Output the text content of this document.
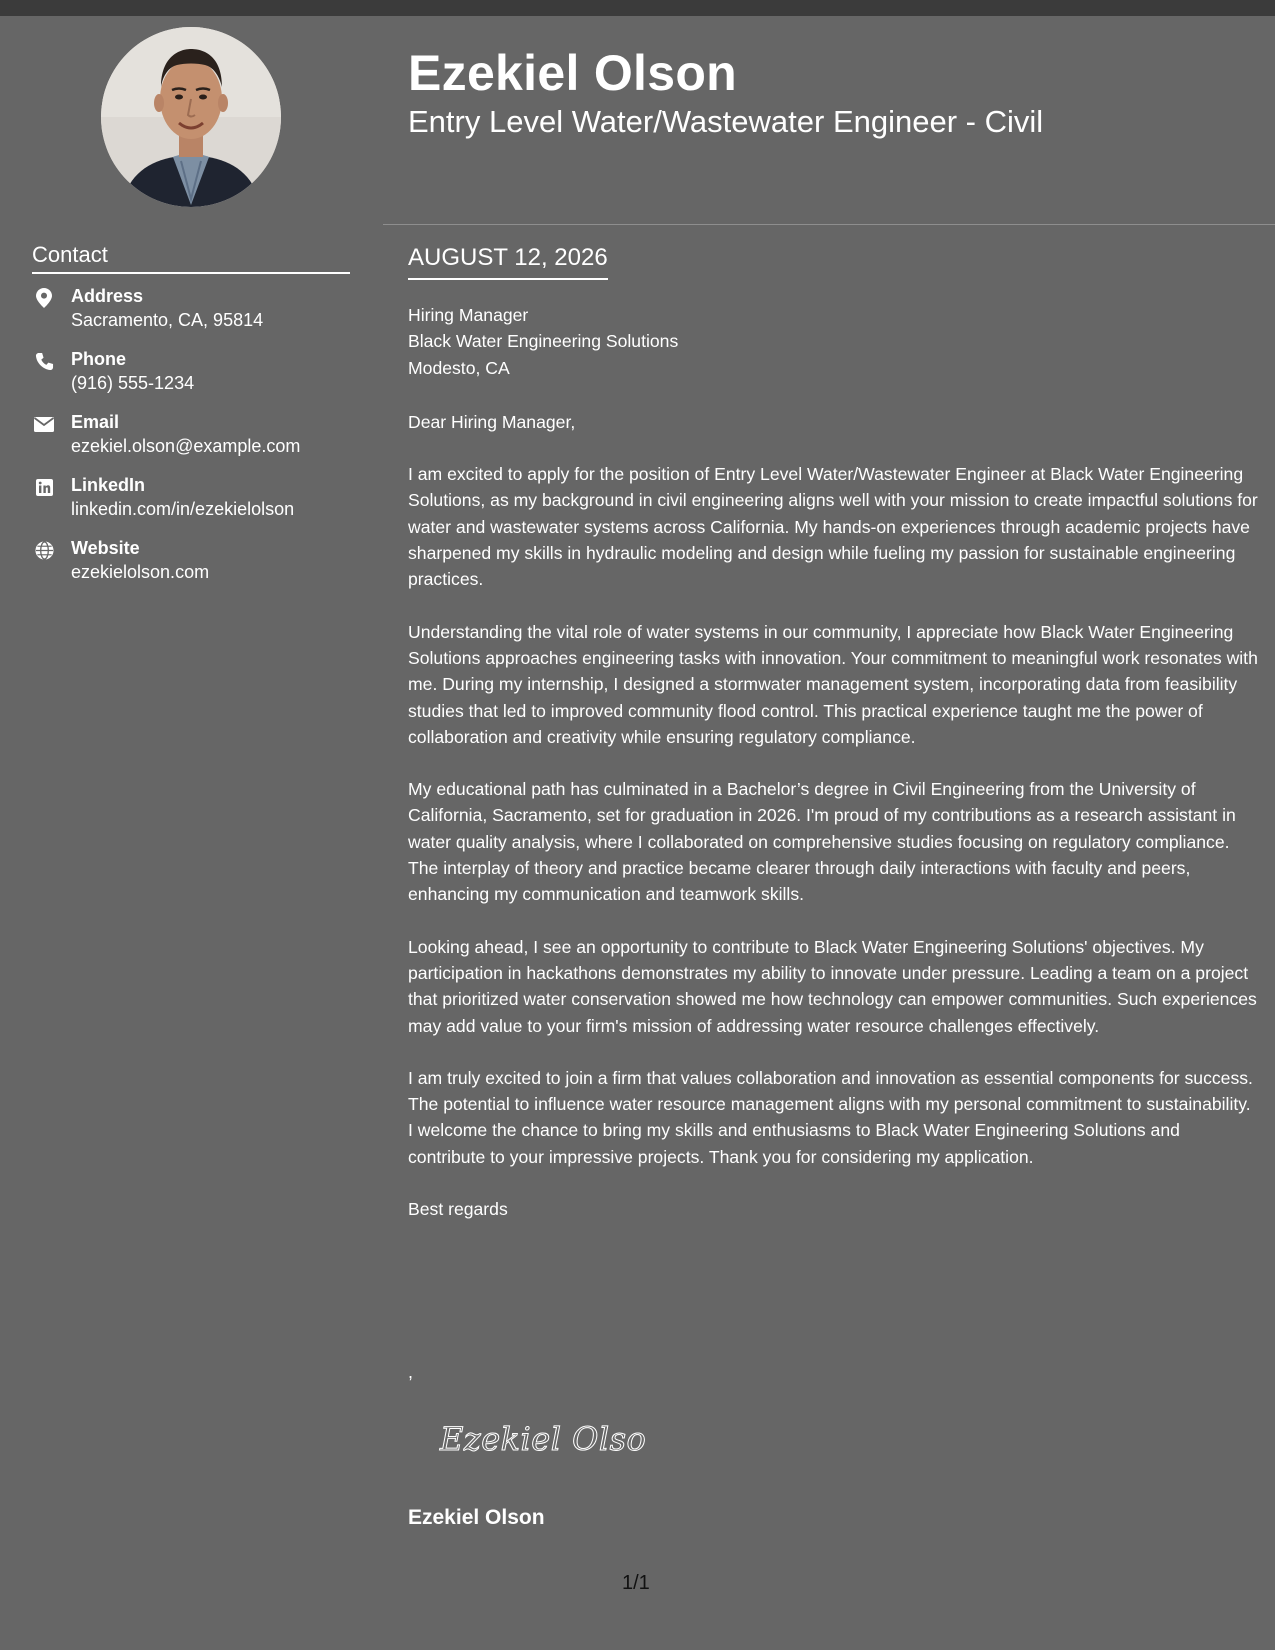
Ezekiel Olson
Entry Level Water/Wastewater Engineer - Civil
Contact
Address
Sacramento, CA, 95814
Phone
(916) 555-1234
Email
ezekiel.olson@example.com
LinkedIn
linkedin.com/in/ezekielolson
Website
ezekielolson.com
AUGUST 12, 2026
Hiring Manager
Black Water Engineering Solutions
Modesto, CA

Dear Hiring Manager,

I am excited to apply for the position of Entry Level Water/Wastewater Engineer at Black Water Engineering Solutions, as my background in civil engineering aligns well with your mission to create impactful solutions for water and wastewater systems across California. My hands-on experiences through academic projects have sharpened my skills in hydraulic modeling and design while fueling my passion for sustainable engineering practices.

Understanding the vital role of water systems in our community, I appreciate how Black Water Engineering Solutions approaches engineering tasks with innovation. Your commitment to meaningful work resonates with me. During my internship, I designed a stormwater management system, incorporating data from feasibility studies that led to improved community flood control. This practical experience taught me the power of collaboration and creativity while ensuring regulatory compliance.

My educational path has culminated in a Bachelor’s degree in Civil Engineering from the University of California, Sacramento, set for graduation in 2026. I'm proud of my contributions as a research assistant in water quality analysis, where I collaborated on comprehensive studies focusing on regulatory compliance. The interplay of theory and practice became clearer through daily interactions with faculty and peers, enhancing my communication and teamwork skills.

Looking ahead, I see an opportunity to contribute to Black Water Engineering Solutions' objectives. My participation in hackathons demonstrates my ability to innovate under pressure. Leading a team on a project that prioritized water conservation showed me how technology can empower communities. Such experiences may add value to your firm's mission of addressing water resource challenges effectively.

I am truly excited to join a firm that values collaboration and innovation as essential components for success. The potential to influence water resource management aligns with my personal commitment to sustainability. I welcome the chance to bring my skills and enthusiasms to Black Water Engineering Solutions and contribute to your impressive projects. Thank you for considering my application.

Best regards

,
Ezekiel Olson
Ezekiel Olson
1/1
